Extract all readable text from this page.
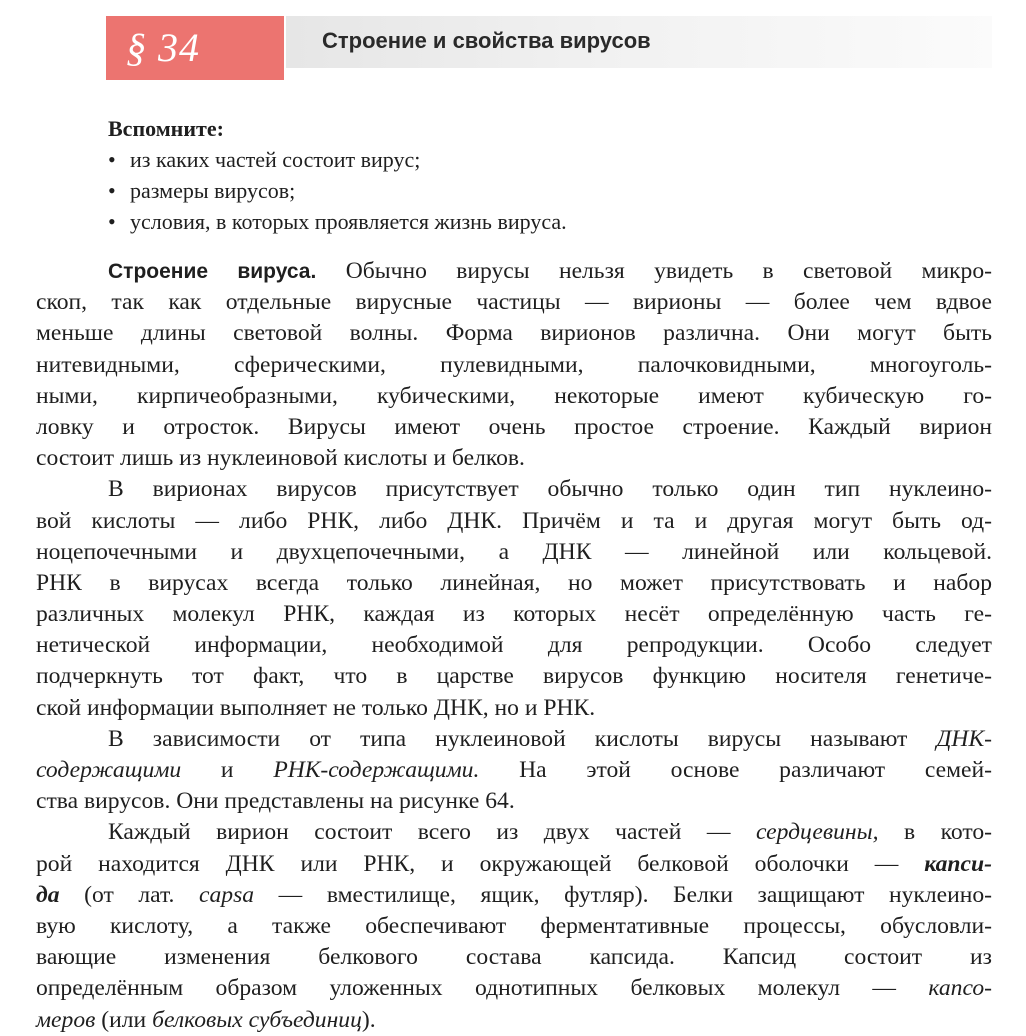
§ 34	Строение и свойства вирусов
Вспомните:
• из каких частей состоит вирус;
• размеры вирусов;
• условия, в которых проявляется жизнь вируса.
Строение вируса. Обычно вирусы нельзя увидеть в световой микро-
скоп, так как отдельные вирусные частицы — вирионы — более чем вдвое
меньше длины световой волны. Форма вирионов различна. Они могут быть
нитевидными, сферическими, пулевидными, палочковидными, многоуголь-
ными, кирпичеобразными, кубическими, некоторые имеют кубическую го-
ловку и отросток. Вирусы имеют очень простое строение. Каждый вирион
состоит лишь из нуклеиновой кислоты и белков.
В вирионах вирусов присутствует обычно только один тип нуклеино-
вой кислоты — либо РНК, либо ДНК. Причём и та и другая могут быть од-
ноцепочечными и двухцепочечными, а ДНК — линейной или кольцевой.
РНК в вирусах всегда только линейная, но может присутствовать и набор
различных молекул РНК, каждая из которых несёт определённую часть ге-
нетической информации, необходимой для репродукции. Особо следует
подчеркнуть тот факт, что в царстве вирусов функцию носителя генетиче-
ской информации выполняет не только ДНК, но и РНК.
В зависимости от типа нуклеиновой кислоты вирусы называют ДНК-
содержащими и РНК-содержащими. На этой основе различают семей-
ства вирусов. Они представлены на рисунке 64.
Каждый вирион состоит всего из двух частей — сердцевины, в кото-
рой находится ДНК или РНК, и окружающей белковой оболочки — капси-
да (от лат. capsa — вместилище, ящик, футляр). Белки защищают нуклеино-
вую кислоту, а также обеспечивают ферментативные процессы, обусловли-
вающие изменения белкового состава капсида. Капсид состоит из
определённым образом уложенных однотипных белковых молекул — капсо-
меров (или белковых субъединиц).
